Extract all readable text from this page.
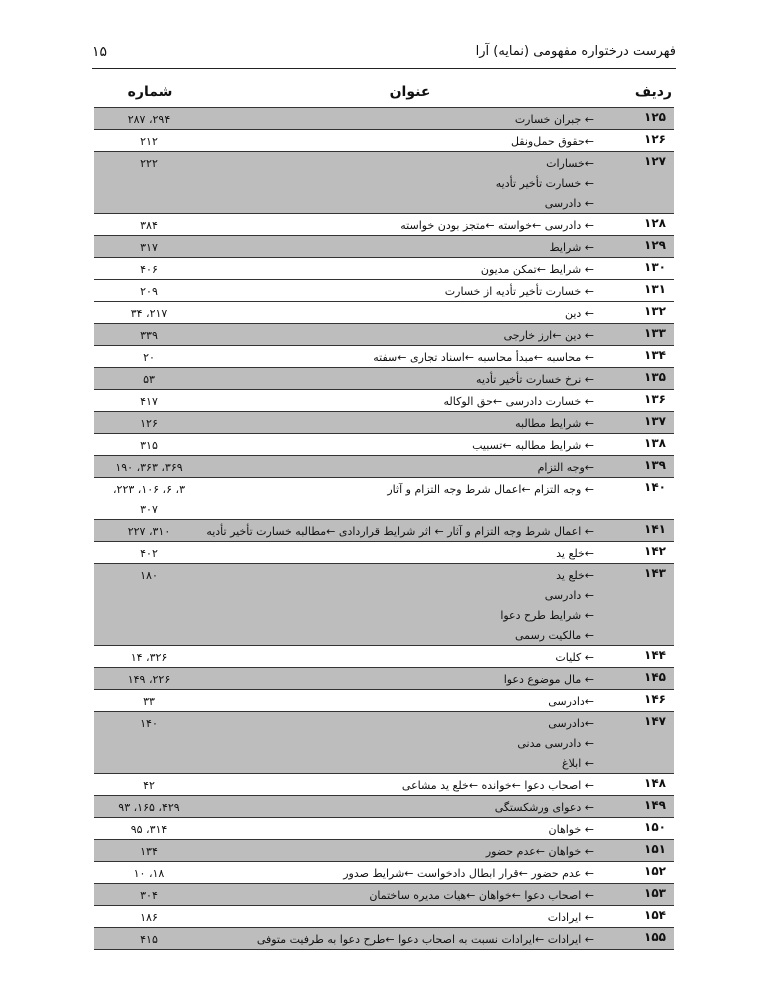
فهرست درختواره مفهومی (نمایه) آرا
۱۵
ردیف
عنوان
شماره
۱۲۵
← جبران خسارت
۲۹۴، ۲۸۷
۱۲۶
←حقوق حمل‌ونقل
۲۱۲
۱۲۷
←خسارات
← خسارت تأخیر تأدیه
← دادرسی
۲۲۲
۱۲۸
← دادرسی ←خواسته ←متجز بودن خواسته
۳۸۴
۱۲۹
← شرایط
۳۱۷
۱۳۰
← شرایط ←تمکن مدیون
۴۰۶
۱۳۱
← خسارت تأخیر تأدیه از خسارت
۲۰۹
۱۳۲
← دین
۲۱۷، ۳۴
۱۳۳
← دین ←ارز خارجی
۳۳۹
۱۳۴
← محاسبه ←مبدأ محاسبه ←اسناد تجاری ←سفته
۲۰
۱۳۵
← نرخ خسارت تأخیر تأدیه
۵۳
۱۳۶
← خسارت دادرسی ←حق الوکاله
۴۱۷
۱۳۷
← شرایط مطالبه
۱۲۶
۱۳۸
← شرایط مطالبه ←تسبیب
۳۱۵
۱۳۹
←وجه التزام
۳۶۹، ۳۶۳، ۱۹۰
۱۴۰
← وجه التزام ←اعمال شرط وجه التزام و آثار
۳، ۶، ۱۰۶، ۲۲۳،
۳۰۷
۱۴۱
← اعمال شرط وجه التزام و آثار ← اثر شرایط قراردادی ←مطالبه خسارت تأخیر تأدیه
۳۱۰، ۲۲۷
۱۴۲
←خلع ید
۴۰۲
۱۴۳
←خلع ید
← دادرسی
← شرایط طرح دعوا
← مالکیت رسمی
۱۸۰
۱۴۴
← کلیات
۳۲۶، ۱۴
۱۴۵
← مال موضوع دعوا
۲۲۶، ۱۴۹
۱۴۶
←دادرسی
۳۳
۱۴۷
←دادرسی
← دادرسی مدنی
← ابلاغ
۱۴۰
۱۴۸
← اصحاب دعوا ←خوانده ←خلع ید مشاعی
۴۲
۱۴۹
← دعوای ورشکستگی
۴۲۹، ۱۶۵، ۹۳
۱۵۰
← خواهان
۳۱۴، ۹۵
۱۵۱
← خواهان ←عدم حضور
۱۳۴
۱۵۲
← عدم حضور ←قرار ابطال دادخواست ←شرایط صدور
۱۸، ۱۰
۱۵۳
← اصحاب دعوا ←خواهان ←هیات مدیره ساختمان
۳۰۴
۱۵۴
← ایرادات
۱۸۶
۱۵۵
← ایرادات ←ایرادات نسبت به اصحاب دعوا ←طرح دعوا به طرفیت متوفی
۴۱۵
